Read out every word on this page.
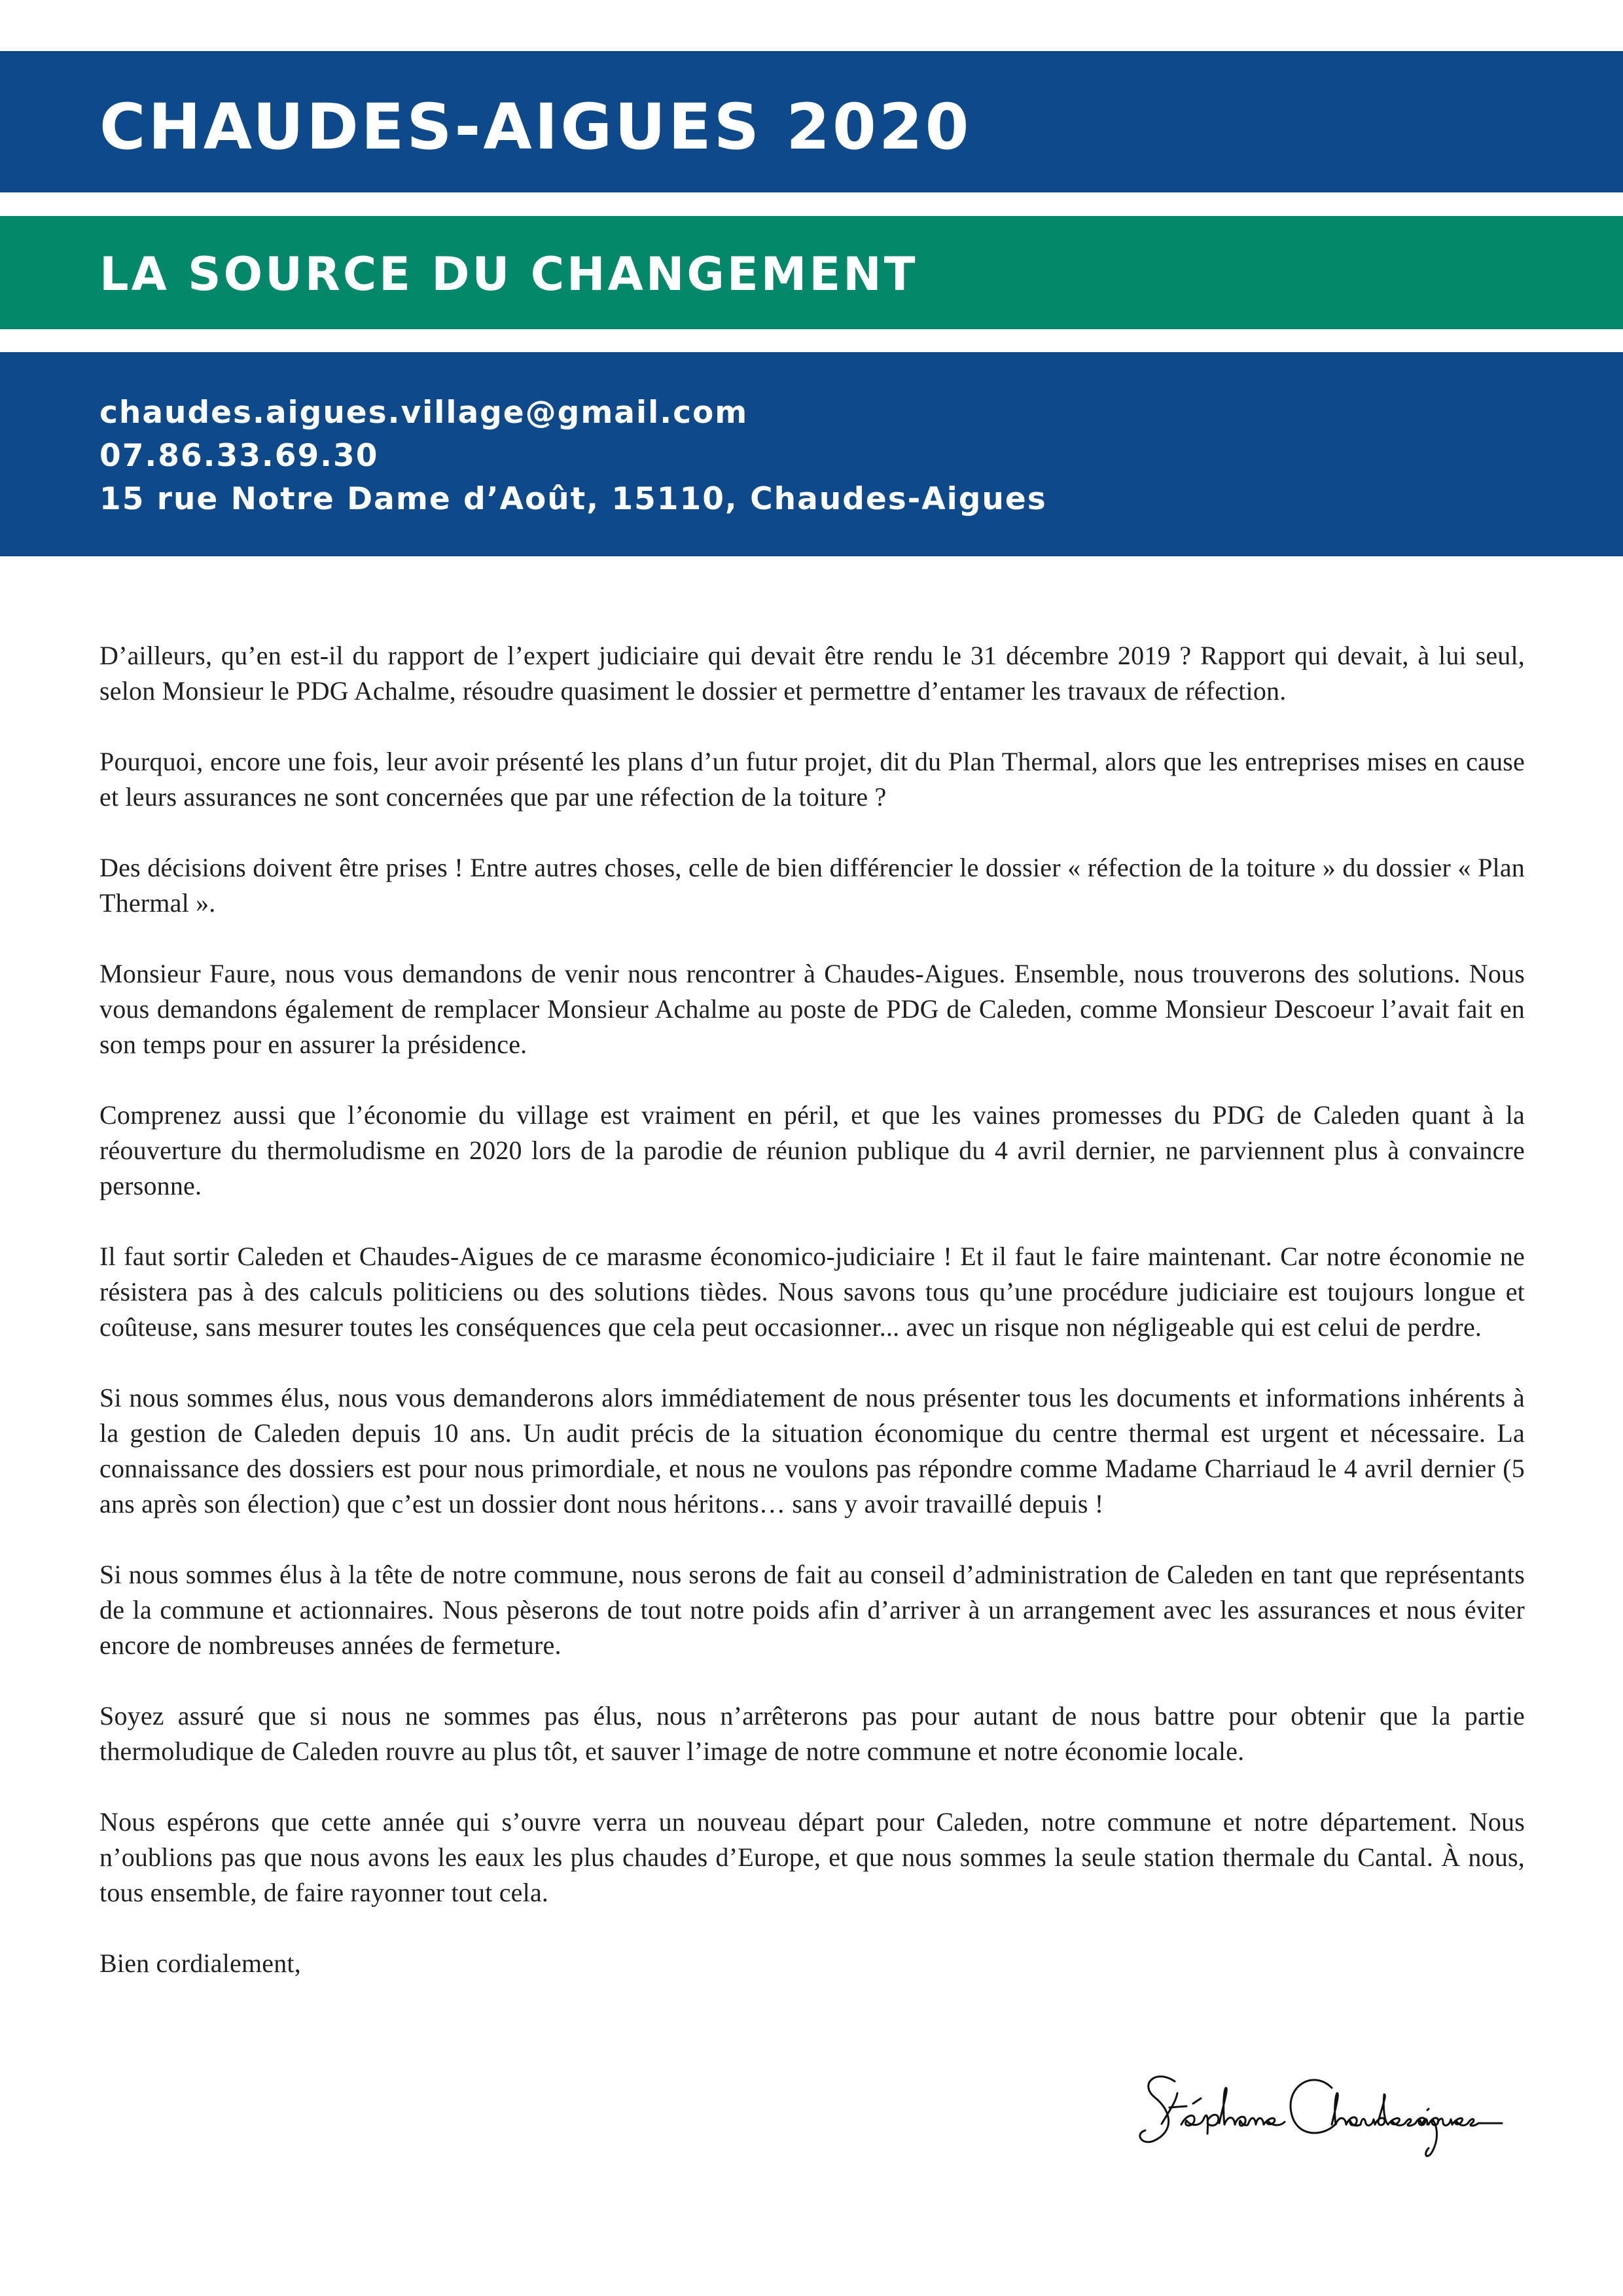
CHAUDES-AIGUES 2020
LA SOURCE DU CHANGEMENT
chaudes.aigues.village@gmail.com
07.86.33.69.30
15 rue Notre Dame d’Août, 15110, Chaudes-Aigues

D’ailleurs, qu’en est-il du rapport de l’expert judiciaire qui devait être rendu le 31 décembre 2019 ? Rapport qui devait, à lui seul, selon Monsieur le PDG Achalme, résoudre quasiment le dossier et permettre d’entamer les travaux de réfection.

Pourquoi, encore une fois, leur avoir présenté les plans d’un futur projet, dit du Plan Thermal, alors que les entreprises mises en cause et leurs assurances ne sont concernées que par une réfection de la toiture ?

Des décisions doivent être prises ! Entre autres choses, celle de bien différencier le dossier « réfection de la toiture » du dossier « Plan Thermal ».

Monsieur Faure, nous vous demandons de venir nous rencontrer à Chaudes-Aigues. Ensemble, nous trouverons des solutions. Nous vous demandons également de remplacer Monsieur Achalme au poste de PDG de Caleden, comme Monsieur Descoeur l’avait fait en son temps pour en assurer la présidence.

Comprenez aussi que l’économie du village est vraiment en péril, et que les vaines promesses du PDG de Caleden quant à la réouverture du thermoludisme en 2020 lors de la parodie de réunion publique du 4 avril dernier, ne parviennent plus à convaincre personne.

Il faut sortir Caleden et Chaudes-Aigues de ce marasme économico-judiciaire ! Et il faut le faire maintenant. Car notre économie ne résistera pas à des calculs politiciens ou des solutions tièdes. Nous savons tous qu’une procédure judiciaire est toujours longue et coûteuse, sans mesurer toutes les conséquences que cela peut occasionner... avec un risque non négligeable qui est celui de perdre.

Si nous sommes élus, nous vous demanderons alors immédiatement de nous présenter tous les documents et informations inhérents à la gestion de Caleden depuis 10 ans. Un audit précis de la situation économique du centre thermal est urgent et nécessaire. La connaissance des dossiers est pour nous primordiale, et nous ne voulons pas répondre comme Madame Charriaud le 4 avril dernier (5 ans après son élection) que c’est un dossier dont nous héritons… sans y avoir travaillé depuis !

Si nous sommes élus à la tête de notre commune, nous serons de fait au conseil d’administration de Caleden en tant que représentants de la commune et actionnaires. Nous pèserons de tout notre poids afin d’arriver à un arrangement avec les assurances et nous éviter encore de nombreuses années de fermeture.

Soyez assuré que si nous ne sommes pas élus, nous n’arrêterons pas pour autant de nous battre pour obtenir que la partie thermoludique de Caleden rouvre au plus tôt, et sauver l’image de notre commune et notre économie locale.

Nous espérons que cette année qui s’ouvre verra un nouveau départ pour Caleden, notre commune et notre département. Nous n’oublions pas que nous avons les eaux les plus chaudes d’Europe, et que nous sommes la seule station thermale du Cantal. À nous, tous ensemble, de faire rayonner tout cela.

Bien cordialement,
